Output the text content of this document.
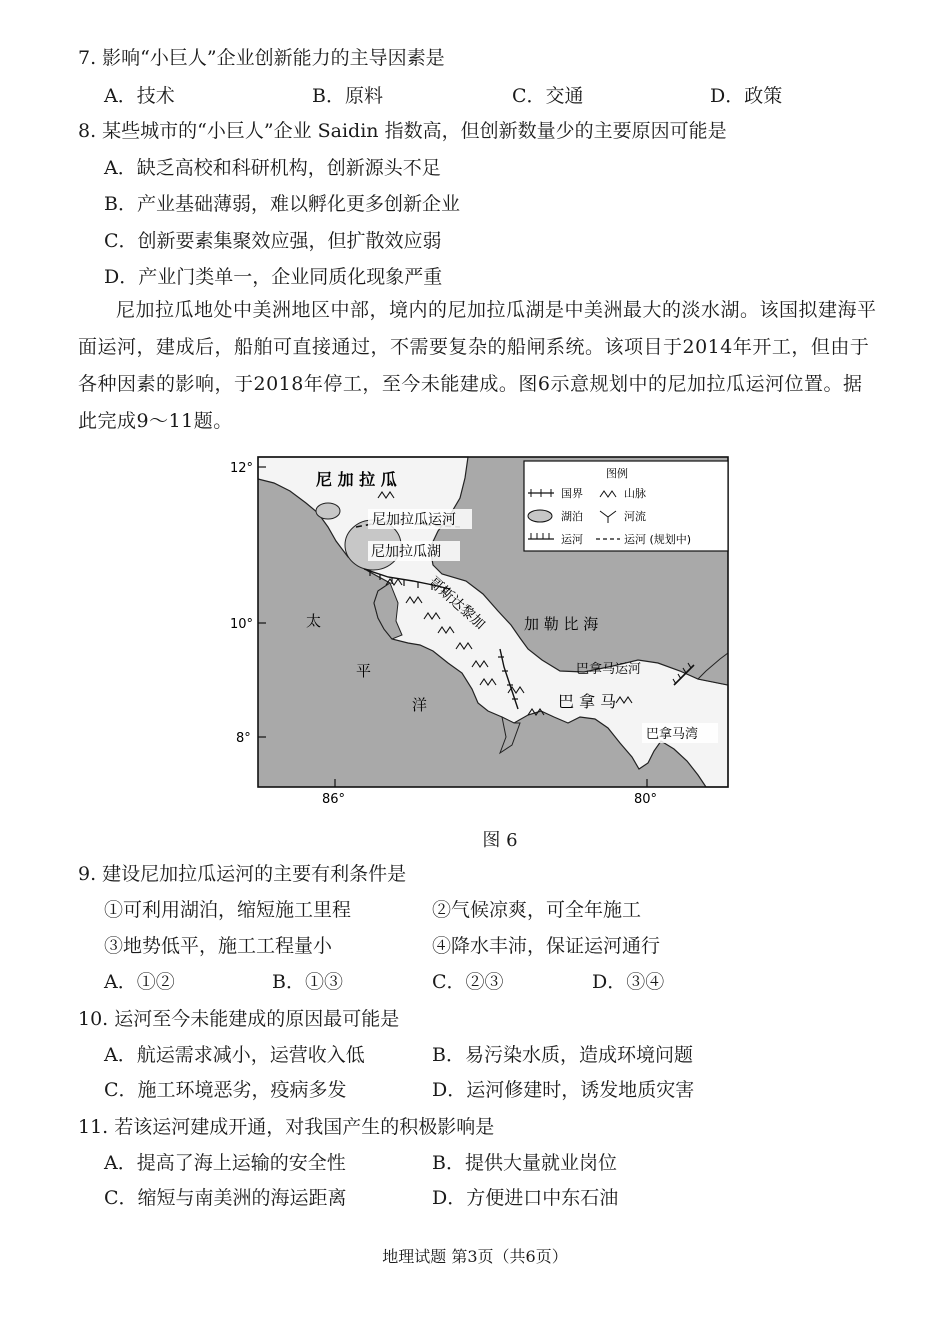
7. 影响“小巨人”企业创新能力的主导因素是
A．技术	B．原料	C．交通	D．政策
8. 某些城市的“小巨人”企业 Saidin 指数高，但创新数量少的主要原因可能是
A．缺乏高校和科研机构，创新源头不足
B．产业基础薄弱，难以孵化更多创新企业
C．创新要素集聚效应强，但扩散效应弱
D．产业门类单一，企业同质化现象严重
尼加拉瓜地处中美洲地区中部，境内的尼加拉瓜湖是中美洲最大的淡水湖。该国拟建海平面运河，建成后，船舶可直接通过，不需要复杂的船闸系统。该项目于2014年开工，但由于各种因素的影响，于2018年停工，至今未能建成。图6示意规划中的尼加拉瓜运河位置。据此完成9～11题。
图例
国界	山脉
湖泊	河流
运河	运河 (规划中)
12°
10°
8°
86°	80°
尼 加 拉 瓜
尼加拉瓜运河
尼加拉瓜湖
哥斯达黎加 加 勒 比 海
太
平
洋	巴 拿 马
巴拿马运河
巴拿马湾
图 6
9. 建设尼加拉瓜运河的主要有利条件是
①可利用湖泊，缩短施工里程	②气候凉爽，可全年施工
③地势低平，施工工程量小	④降水丰沛，保证运河通行
A．①②	B．①③	C．②③	D．③④
10. 运河至今未能建成的原因最可能是
A．航运需求减小，运营收入低	B．易污染水质，造成环境问题
C．施工环境恶劣，疫病多发	D．运河修建时，诱发地质灾害
11. 若该运河建成开通，对我国产生的积极影响是
A．提高了海上运输的安全性	B．提供大量就业岗位
C．缩短与南美洲的海运距离	D．方便进口中东石油
地理试题 第3页（共6页）
